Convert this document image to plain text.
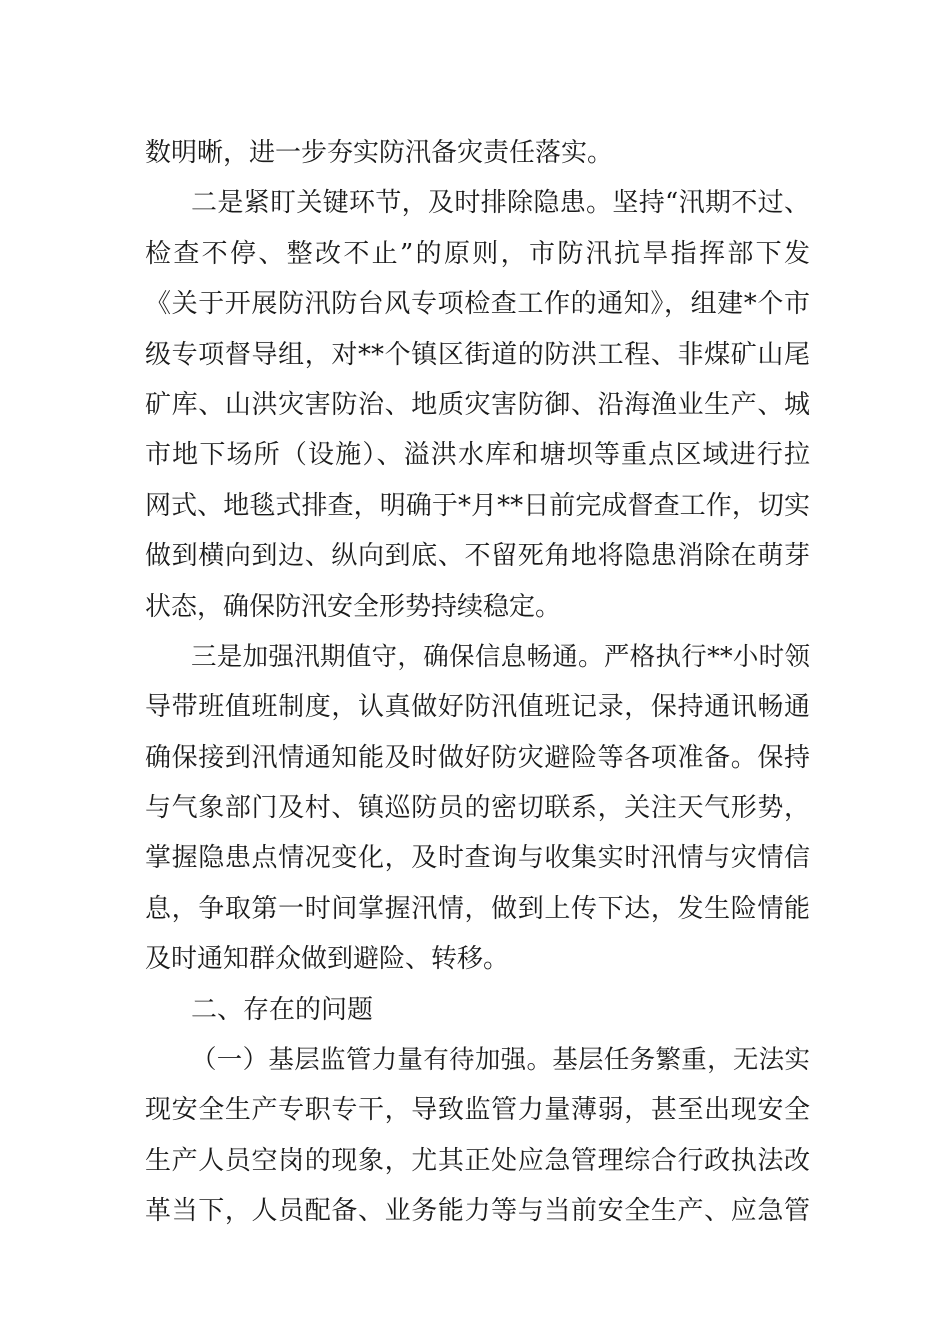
数明晰，进一步夯实防汛备灾责任落实。
二是紧盯关键环节，及时排除隐患。坚持“汛期不过、
检查不停、整改不止”的原则，市防汛抗旱指挥部下发
《关于开展防汛防台风专项检查工作的通知》，组建*个市
级专项督导组，对**个镇区街道的防洪工程、非煤矿山尾
矿库、山洪灾害防治、地质灾害防御、沿海渔业生产、城
市地下场所（设施）、溢洪水库和塘坝等重点区域进行拉
网式、地毯式排查，明确于*月**日前完成督查工作，切实
做到横向到边、纵向到底、不留死角地将隐患消除在萌芽
状态，确保防汛安全形势持续稳定。
三是加强汛期值守，确保信息畅通。严格执行**小时领
导带班值班制度，认真做好防汛值班记录，保持通讯畅通
确保接到汛情通知能及时做好防灾避险等各项准备。保持
与气象部门及村、镇巡防员的密切联系，关注天气形势，
掌握隐患点情况变化，及时查询与收集实时汛情与灾情信
息，争取第一时间掌握汛情，做到上传下达，发生险情能
及时通知群众做到避险、转移。
二、存在的问题
（一）基层监管力量有待加强。基层任务繁重，无法实
现安全生产专职专干，导致监管力量薄弱，甚至出现安全
生产人员空岗的现象，尤其正处应急管理综合行政执法改
革当下，人员配备、业务能力等与当前安全生产、应急管
